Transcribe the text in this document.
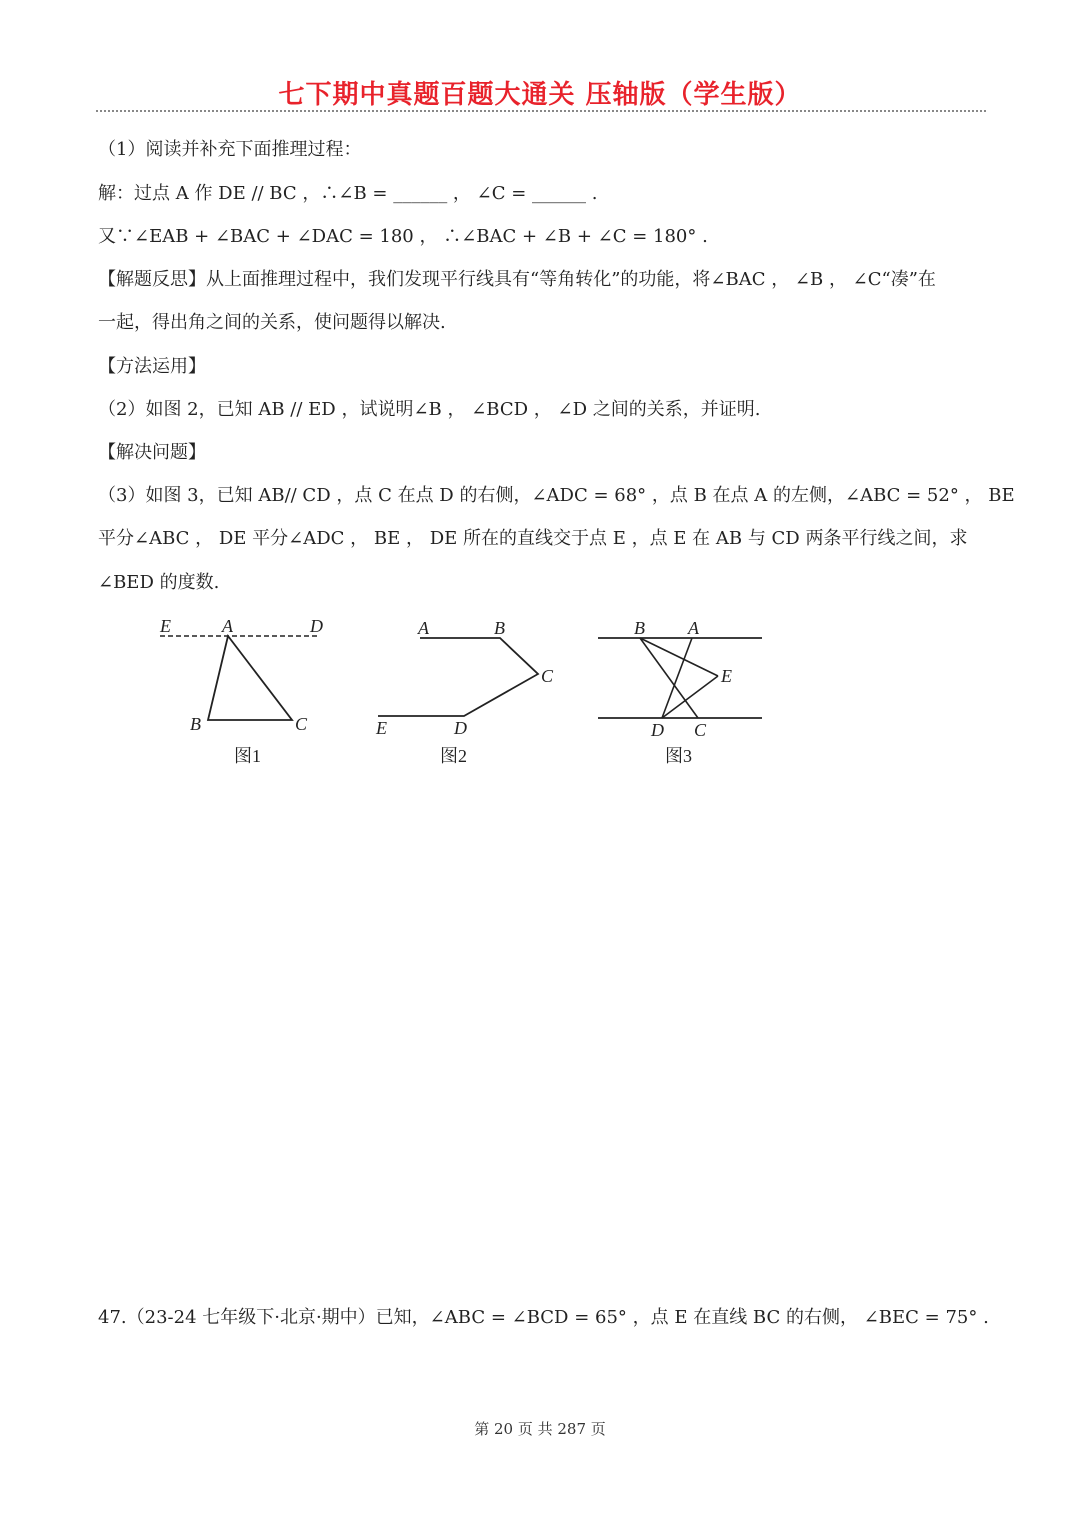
七下期中真题百题大通关 压轴版（学生版）
（1）阅读并补充下面推理过程：
解：过点 A 作 DE // BC ，∴∠B = ______ ， ∠C = ______ .
又∵∠EAB + ∠BAC + ∠DAC = 180 ， ∴∠BAC + ∠B + ∠C = 180° .
【解题反思】从上面推理过程中，我们发现平行线具有“等角转化”的功能，将∠BAC ， ∠B ， ∠C“凑”在
一起，得出角之间的关系，使问题得以解决.
【方法运用】
（2）如图 2，已知 AB // ED ，试说明∠B ， ∠BCD ， ∠D 之间的关系，并证明.
【解决问题】
（3）如图 3，已知 AB// CD ，点 C 在点 D 的右侧，∠ADC = 68° ，点 B 在点 A 的左侧，∠ABC = 52° ， BE
平分∠ABC ， DE 平分∠ADC ， BE ， DE 所在的直线交于点 E ，点 E 在 AB 与 CD 两条平行线之间，求
∠BED 的度数.
E	A	D
B	C
图1
A	B
C
E	D
图2
B A
E
D C
图3
47.（23-24 七年级下·北京·期中）已知，∠ABC = ∠BCD = 65° ，点 E 在直线 BC 的右侧， ∠BEC = 75° .
第 20 页 共 287 页
